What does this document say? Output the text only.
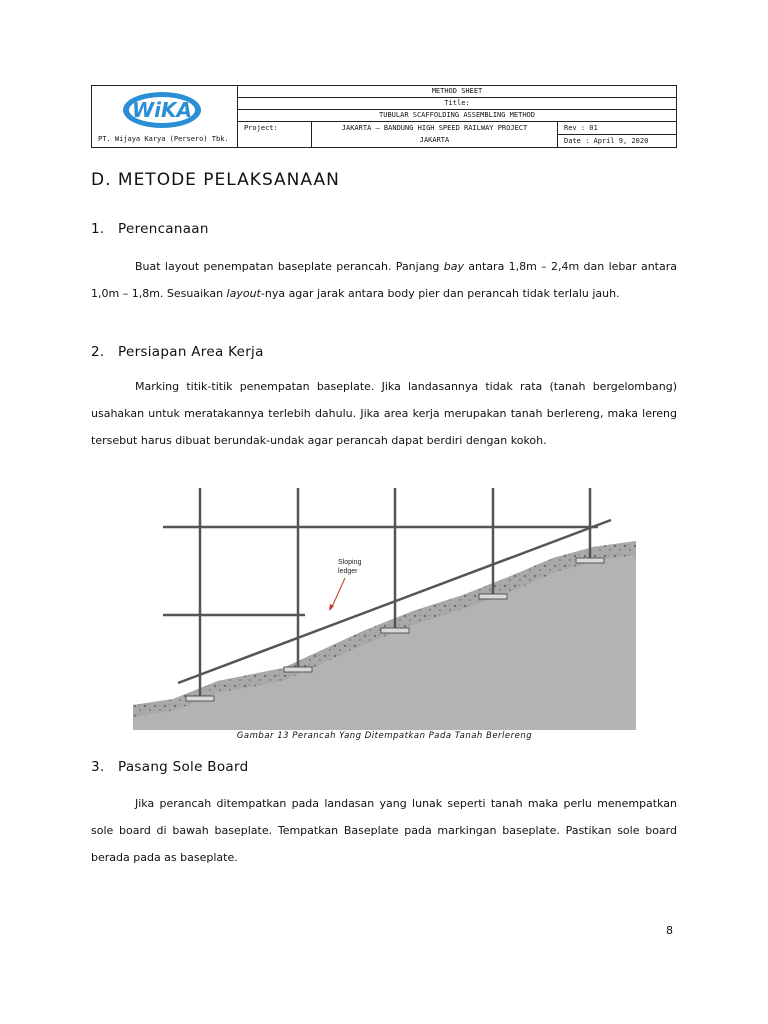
WiKA
PT. Wijaya Karya (Persero) Tbk.
METHOD SHEET
Title:
TUBULAR SCAFFOLDING ASSEMBLING METHOD
Project:	JAKARTA – BANDUNG HIGH SPEED RAILWAY PROJECT
JAKARTA
Rev : 01
Date : April 9, 2020
D. METODE PELAKSANAAN
1. Perencanaan

Buat layout penempatan baseplate perancah. Panjang bay antara 1,8m – 2,4m dan lebar antara 1,0m – 1,8m. Sesuaikan layout-nya agar jarak antara body pier dan perancah tidak terlalu jauh.

2. Persiapan Area Kerja

Marking titik-titik penempatan baseplate. Jika landasannya tidak rata (tanah bergelombang) usahakan untuk meratakannya terlebih dahulu. Jika area kerja merupakan tanah berlereng, maka lereng tersebut harus dibuat berundak-undak agar perancah dapat berdiri dengan kokoh.

Sloping
ledger
Gambar 13 Perancah Yang Ditempatkan Pada Tanah Berlereng
3. Pasang Sole Board

Jika perancah ditempatkan pada landasan yang lunak seperti tanah maka perlu menempatkan sole board di bawah baseplate. Tempatkan Baseplate pada markingan baseplate. Pastikan sole board berada pada as baseplate.

8
